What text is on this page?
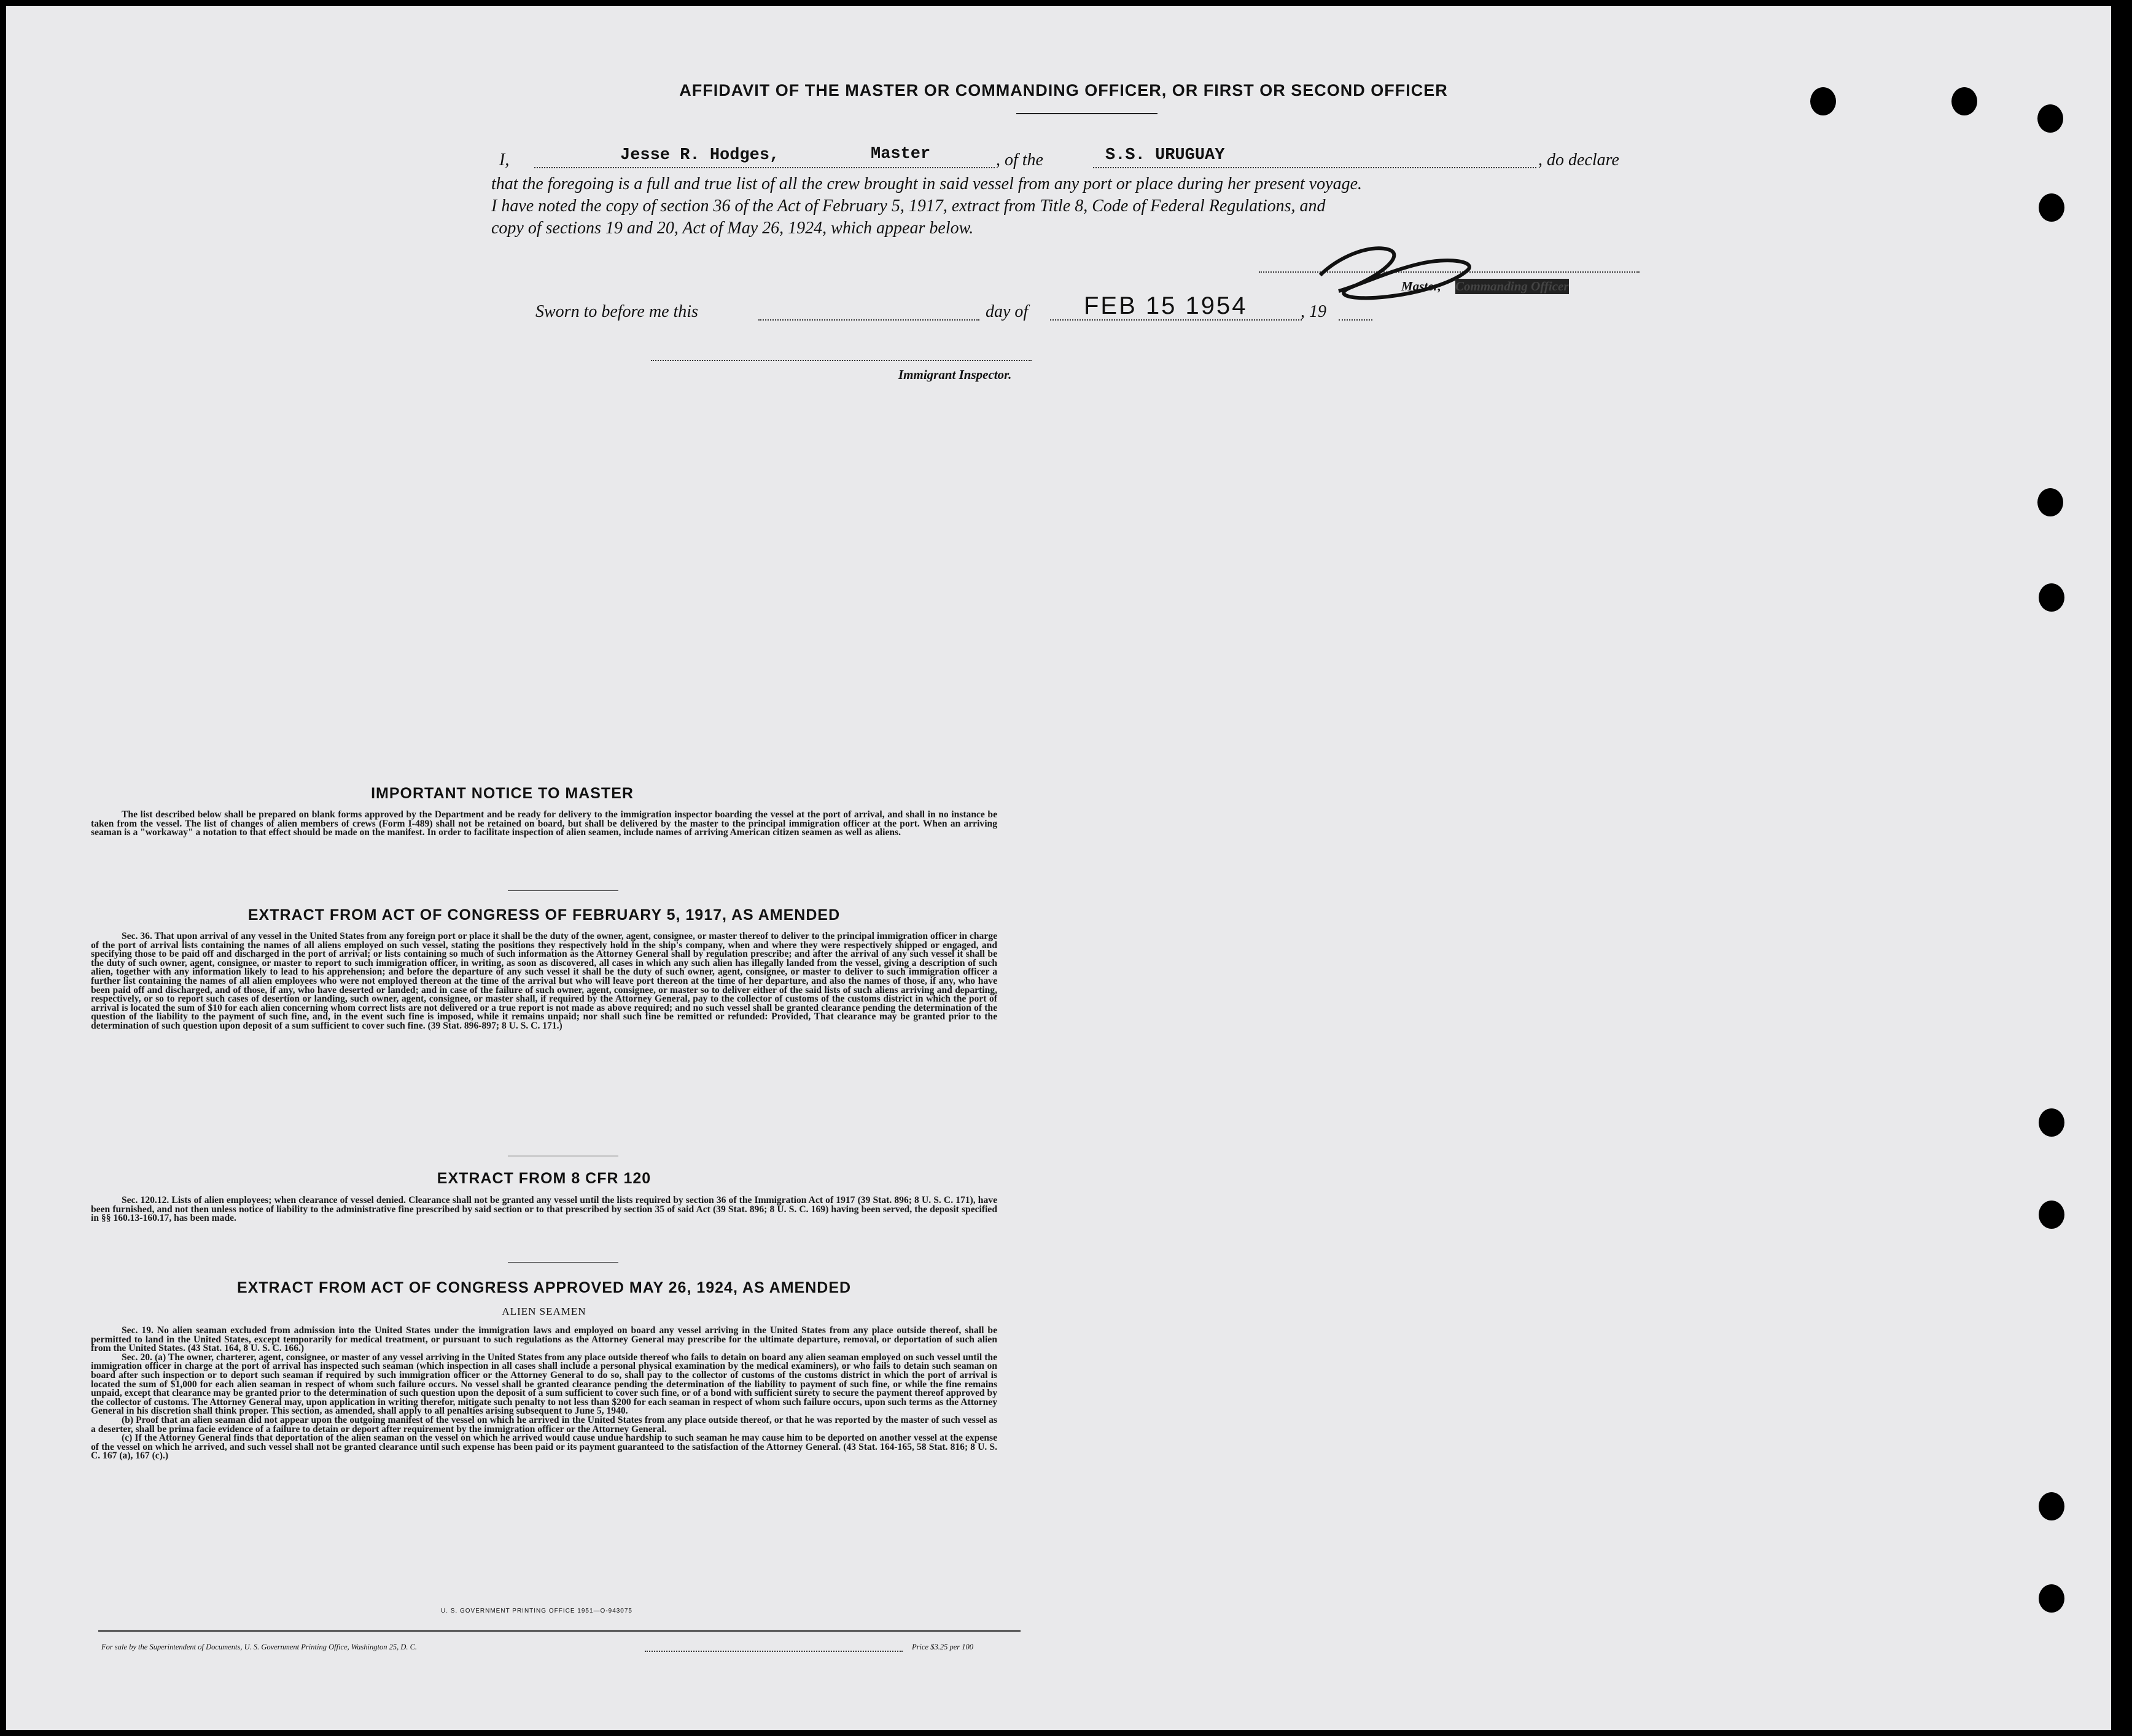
AFFIDAVIT OF THE MASTER OR COMMANDING OFFICER, OR FIRST OR SECOND OFFICER
I,	Jesse R. Hodges,	Master	, of the	S.S. URUGUAY	, do declare
that the foregoing is a full and true list of all the crew brought in said vessel from any port or place during her present voyage.
I have noted the copy of section 36 of the Act of February 5, 1917, extract from Title 8, Code of Federal Regulations, and
copy of sections 19 and 20, Act of May 26, 1924, which appear below.
Master, Commanding Officer
Sworn to before me this	day of FEB 15 1954	, 19
Immigrant Inspector.
IMPORTANT NOTICE TO MASTER

The list described below shall be prepared on blank forms approved by the Department and be ready for delivery to the immigration inspector boarding the vessel at the port of arrival, and shall in no instance be taken from the vessel. The list of changes of alien members of crews (Form I-489) shall not be retained on board, but shall be delivered by the master to the principal immigration officer at the port. When an arriving seaman is a "workaway" a notation to that effect should be made on the manifest. In order to facilitate inspection of alien seamen, include names of arriving American citizen seamen as well as aliens.

EXTRACT FROM ACT OF CONGRESS OF FEBRUARY 5, 1917, AS AMENDED

Sec. 36. That upon arrival of any vessel in the United States from any foreign port or place it shall be the duty of the owner, agent, consignee, or master thereof to deliver to the principal immigration officer in charge of the port of arrival lists containing the names of all aliens employed on such vessel, stating the positions they respectively hold in the ship's company, when and where they were respectively shipped or engaged, and specifying those to be paid off and discharged in the port of arrival; or lists containing so much of such information as the Attorney General shall by regulation prescribe; and after the arrival of any such vessel it shall be the duty of such owner, agent, consignee, or master to report to such immigration officer, in writing, as soon as discovered, all cases in which any such alien has illegally landed from the vessel, giving a description of such alien, together with any information likely to lead to his apprehension; and before the departure of any such vessel it shall be the duty of such owner, agent, consignee, or master to deliver to such immigration officer a further list containing the names of all alien employees who were not employed thereon at the time of the arrival but who will leave port thereon at the time of her departure, and also the names of those, if any, who have been paid off and discharged, and of those, if any, who have deserted or landed; and in case of the failure of such owner, agent, consignee, or master so to deliver either of the said lists of such aliens arriving and departing, respectively, or so to report such cases of desertion or landing, such owner, agent, consignee, or master shall, if required by the Attorney General, pay to the collector of customs of the customs district in which the port of arrival is located the sum of $10 for each alien concerning whom correct lists are not delivered or a true report is not made as above required; and no such vessel shall be granted clearance pending the determination of the question of the liability to the payment of such fine, and, in the event such fine is imposed, while it remains unpaid; nor shall such fine be remitted or refunded: Provided, That clearance may be granted prior to the determination of such question upon deposit of a sum sufficient to cover such fine. (39 Stat. 896-897; 8 U. S. C. 171.)

EXTRACT FROM 8 CFR 120

Sec. 120.12. Lists of alien employees; when clearance of vessel denied. Clearance shall not be granted any vessel until the lists required by section 36 of the Immigration Act of 1917 (39 Stat. 896; 8 U. S. C. 171), have been furnished, and not then unless notice of liability to the administrative fine prescribed by said section or to that prescribed by section 35 of said Act (39 Stat. 896; 8 U. S. C. 169) having been served, the deposit specified in §§ 160.13-160.17, has been made.

EXTRACT FROM ACT OF CONGRESS APPROVED MAY 26, 1924, AS AMENDED
ALIEN SEAMEN

Sec. 19. No alien seaman excluded from admission into the United States under the immigration laws and employed on board any vessel arriving in the United States from any place outside thereof, shall be permitted to land in the United States, except temporarily for medical treatment, or pursuant to such regulations as the Attorney General may prescribe for the ultimate departure, removal, or deportation of such alien from the United States. (43 Stat. 164, 8 U. S. C. 166.)

Sec. 20. (a) The owner, charterer, agent, consignee, or master of any vessel arriving in the United States from any place outside thereof who fails to detain on board any alien seaman employed on such vessel until the immigration officer in charge at the port of arrival has inspected such seaman (which inspection in all cases shall include a personal physical examination by the medical examiners), or who fails to detain such seaman on board after such inspection or to deport such seaman if required by such immigration officer or the Attorney General to do so, shall pay to the collector of customs of the customs district in which the port of arrival is located the sum of $1,000 for each alien seaman in respect of whom such failure occurs. No vessel shall be granted clearance pending the determination of the liability to payment of such fine, or while the fine remains unpaid, except that clearance may be granted prior to the determination of such question upon the deposit of a sum sufficient to cover such fine, or of a bond with sufficient surety to secure the payment thereof approved by the collector of customs. The Attorney General may, upon application in writing therefor, mitigate such penalty to not less than $200 for each seaman in respect of whom such failure occurs, upon such terms as the Attorney General in his discretion shall think proper. This section, as amended, shall apply to all penalties arising subsequent to June 5, 1940.

(b) Proof that an alien seaman did not appear upon the outgoing manifest of the vessel on which he arrived in the United States from any place outside thereof, or that he was reported by the master of such vessel as a deserter, shall be prima facie evidence of a failure to detain or deport after requirement by the immigration officer or the Attorney General.

(c) If the Attorney General finds that deportation of the alien seaman on the vessel on which he arrived would cause undue hardship to such seaman he may cause him to be deported on another vessel at the expense of the vessel on which he arrived, and such vessel shall not be granted clearance until such expense has been paid or its payment guaranteed to the satisfaction of the Attorney General. (43 Stat. 164-165, 58 Stat. 816; 8 U. S. C. 167 (a), 167 (c).)

U. S. GOVERNMENT PRINTING OFFICE 1951—O-943075
For sale by the Superintendent of Documents, U. S. Government Printing Office, Washington 25, D. C.	Price $3.25 per 100
